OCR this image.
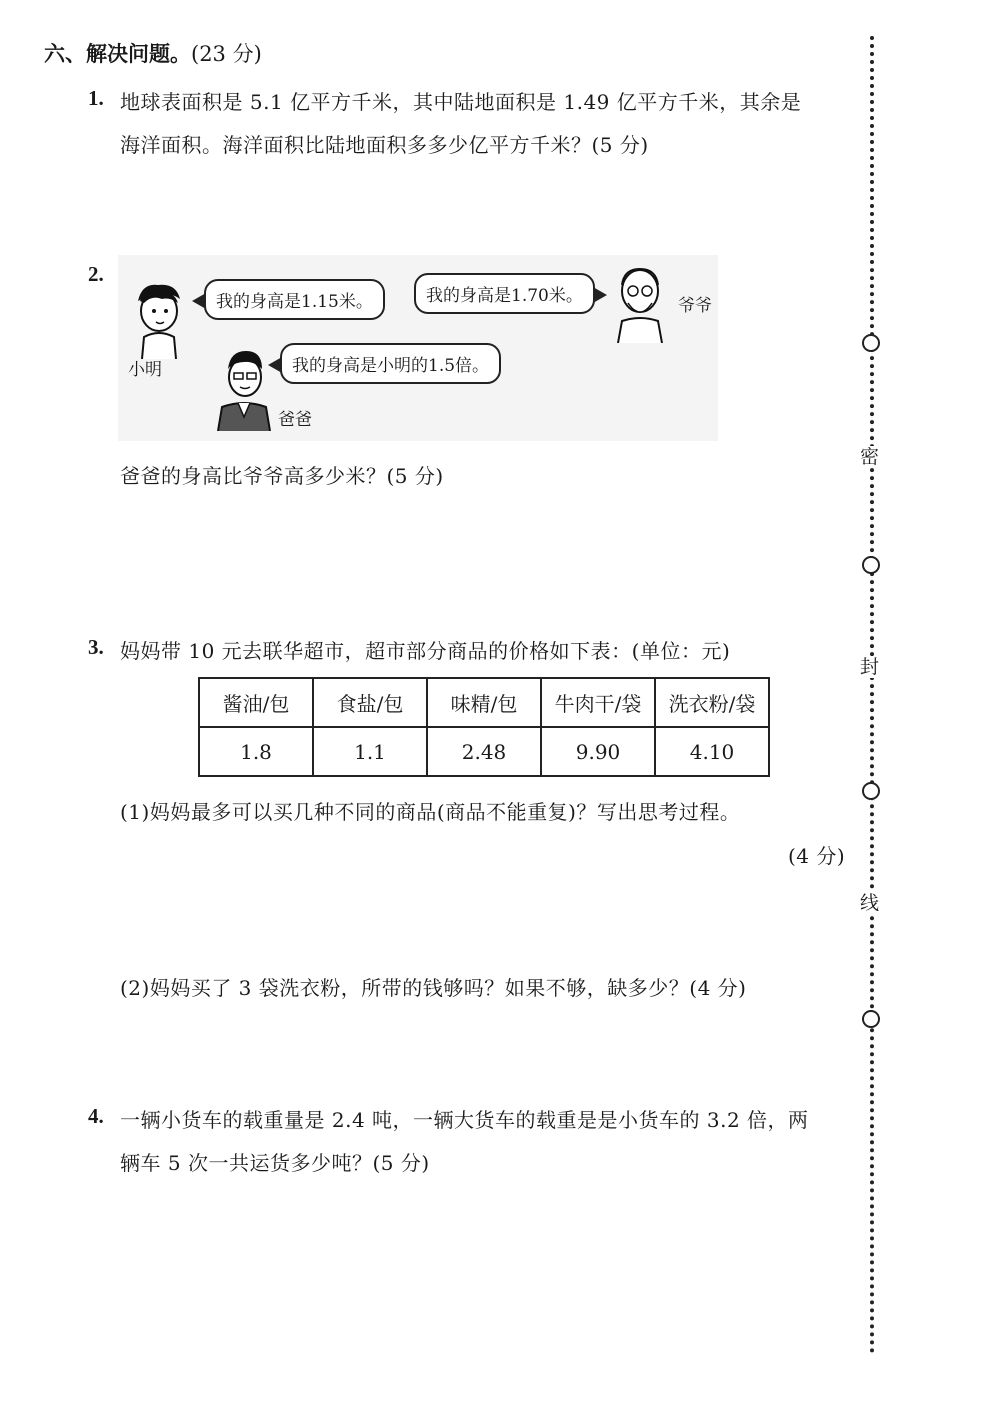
六、解决问题。(23 分)
1. 地球表面积是 5.1 亿平方千米，其中陆地面积是 1.49 亿平方千米，其余是
海洋面积。海洋面积比陆地面积多多少亿平方千米？(5 分)
2.
小明
我的身高是1.15米。	我的身高是1.70米。	爷爷
我的身高是小明的1.5倍。
爸爸
爸爸的身高比爷爷高多少米？(5 分)
3. 妈妈带 10 元去联华超市，超市部分商品的价格如下表：(单位：元)
酱油/包	食盐/包	味精/包	牛肉干/袋	洗衣粉/袋
1.8	1.1	2.48	9.90	4.10
(1)妈妈最多可以买几种不同的商品(商品不能重复)？写出思考过程。
(4 分)
(2)妈妈买了 3 袋洗衣粉，所带的钱够吗？如果不够，缺多少？(4 分)
4. 一辆小货车的载重量是 2.4 吨，一辆大货车的载重是是小货车的 3.2 倍，两
辆车 5 次一共运货多少吨？(5 分)
密
封
线
